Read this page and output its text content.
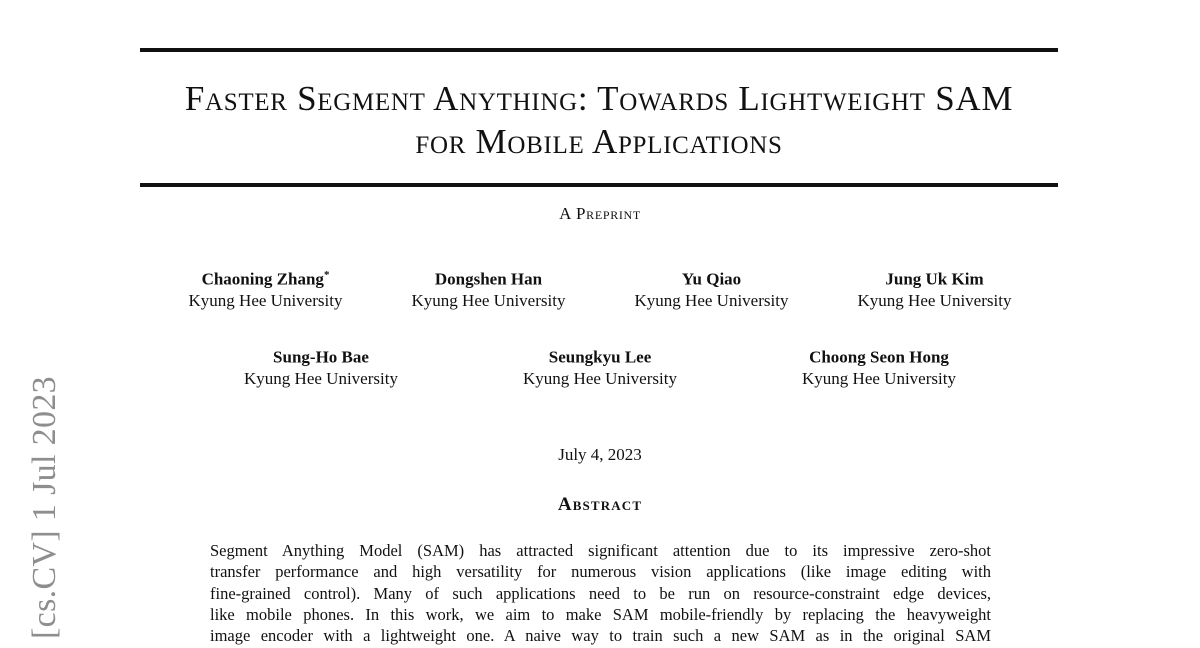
Faster Segment Anything: Towards Lightweight SAM
for Mobile Applications
A Preprint
Chaoning Zhang*
Kyung Hee University
Dongshen Han
Kyung Hee University
Yu Qiao
Kyung Hee University
Jung Uk Kim
Kyung Hee University
Sung-Ho Bae
Kyung Hee University
Seungkyu Lee
Kyung Hee University
Choong Seon Hong
Kyung Hee University
July 4, 2023
Abstract
Segment Anything Model (SAM) has attracted significant attention due to its impressive zero-shot
transfer performance and high versatility for numerous vision applications (like image editing with
fine-grained control). Many of such applications need to be run on resource-constraint edge devices,
like mobile phones. In this work, we aim to make SAM mobile-friendly by replacing the heavyweight
image encoder with a lightweight one. A naive way to train such a new SAM as in the original SAM
[cs.CV] 1 Jul 2023
